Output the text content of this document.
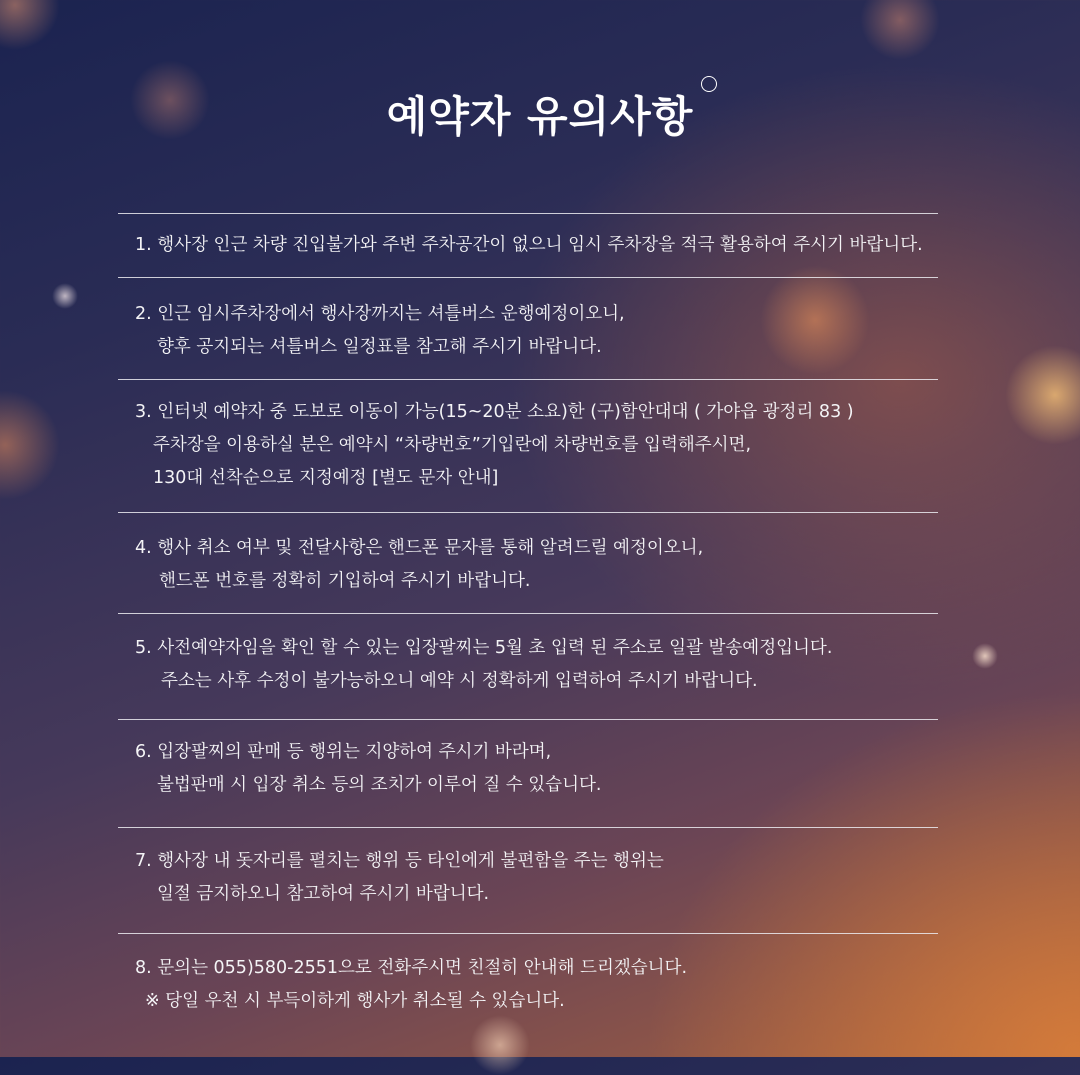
예약자 유의사항
1. 행사장 인근 차량 진입불가와 주변 주차공간이 없으니 임시 주차장을 적극 활용하여 주시기 바랍니다.
2. 인근 임시주차장에서 행사장까지는 셔틀버스 운행예정이오니,
향후 공지되는 셔틀버스 일정표를 참고해 주시기 바랍니다.
3. 인터넷 예약자 중 도보로 이동이 가능(15~20분 소요)한 (구)함안대대 ( 가야읍 광정리 83 )
주차장을 이용하실 분은 예약시 “차량번호”기입란에 차량번호를 입력해주시면,
130대 선착순으로 지정예정 [별도 문자 안내]
4. 행사 취소 여부 및 전달사항은 핸드폰 문자를 통해 알려드릴 예정이오니,
핸드폰 번호를 정확히 기입하여 주시기 바랍니다.
5. 사전예약자임을 확인 할 수 있는 입장팔찌는 5월 초 입력 된 주소로 일괄 발송예정입니다.
주소는 사후 수정이 불가능하오니 예약 시 정확하게 입력하여 주시기 바랍니다.
6. 입장팔찌의 판매 등 행위는 지양하여 주시기 바라며,
불법판매 시 입장 취소 등의 조치가 이루어 질 수 있습니다.
7. 행사장 내 돗자리를 펼치는 행위 등 타인에게 불편함을 주는 행위는
일절 금지하오니 참고하여 주시기 바랍니다.
8. 문의는 055)580-2551으로 전화주시면 친절히 안내해 드리겠습니다.
※ 당일 우천 시 부득이하게 행사가 취소될 수 있습니다.
